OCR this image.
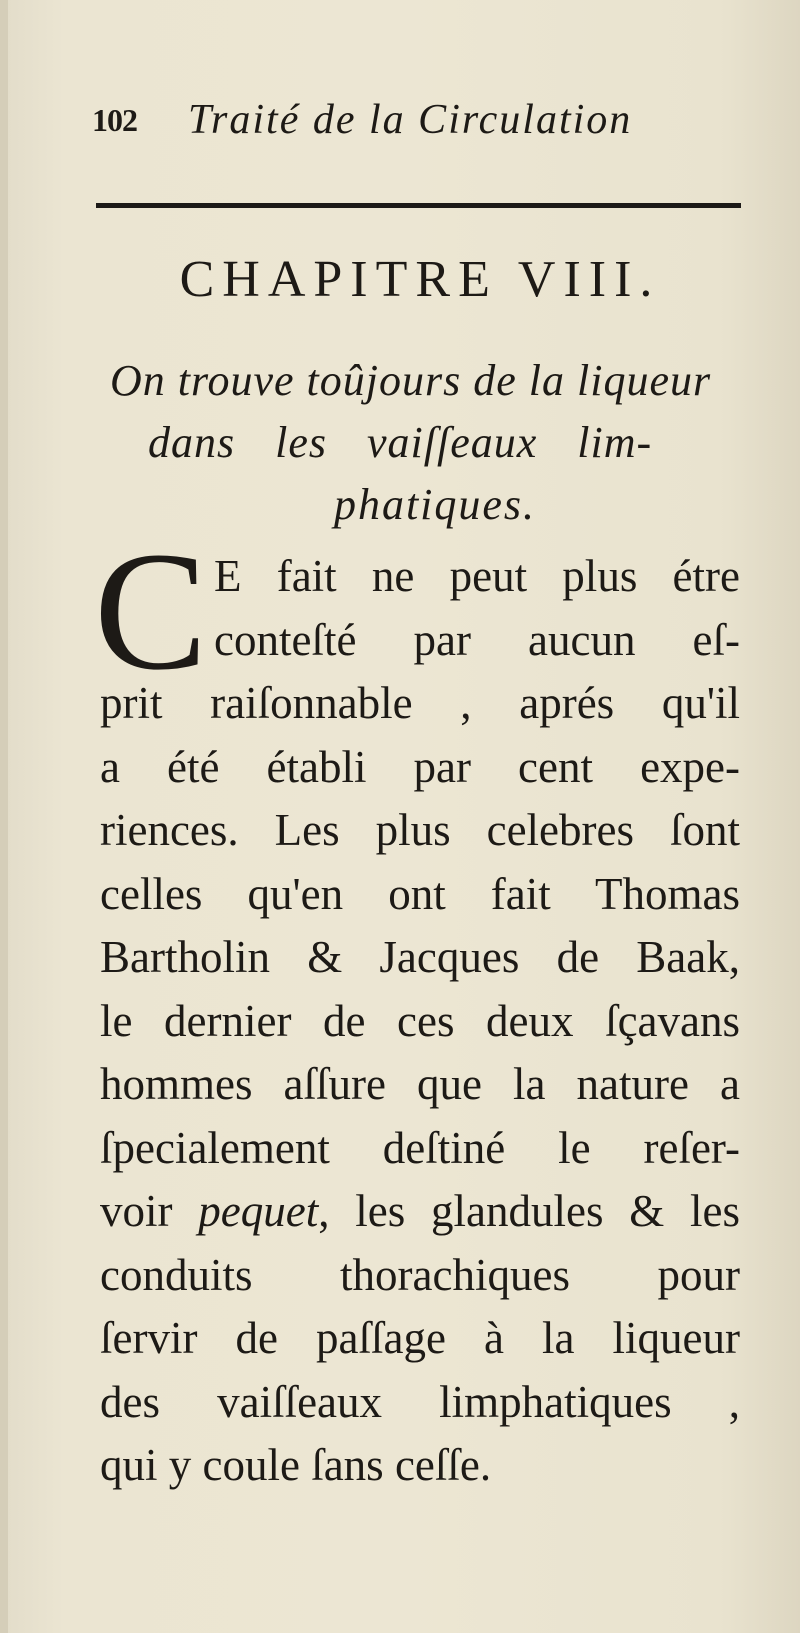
102 Traité de la Circulation
CHAPITRE VIII.
On trouve toûjours de la liqueur
dans les vaiſſeaux lim-
phatiques.
C E fait ne peut plus étre
conteſté par aucun eſ-
prit raiſonnable , aprés qu'il
a été établi par cent expe-
riences. Les plus celebres ſont
celles qu'en ont fait Thomas
Bartholin & Jacques de Baak,
le dernier de ces deux ſçavans
hommes aſſure que la nature a
ſpecialement deſtiné le reſer-
voir pequet, les glandules & les
conduits thorachiques pour
ſervir de paſſage à la liqueur
des vaiſſeaux limphatiques ,
qui y coule ſans ceſſe.
